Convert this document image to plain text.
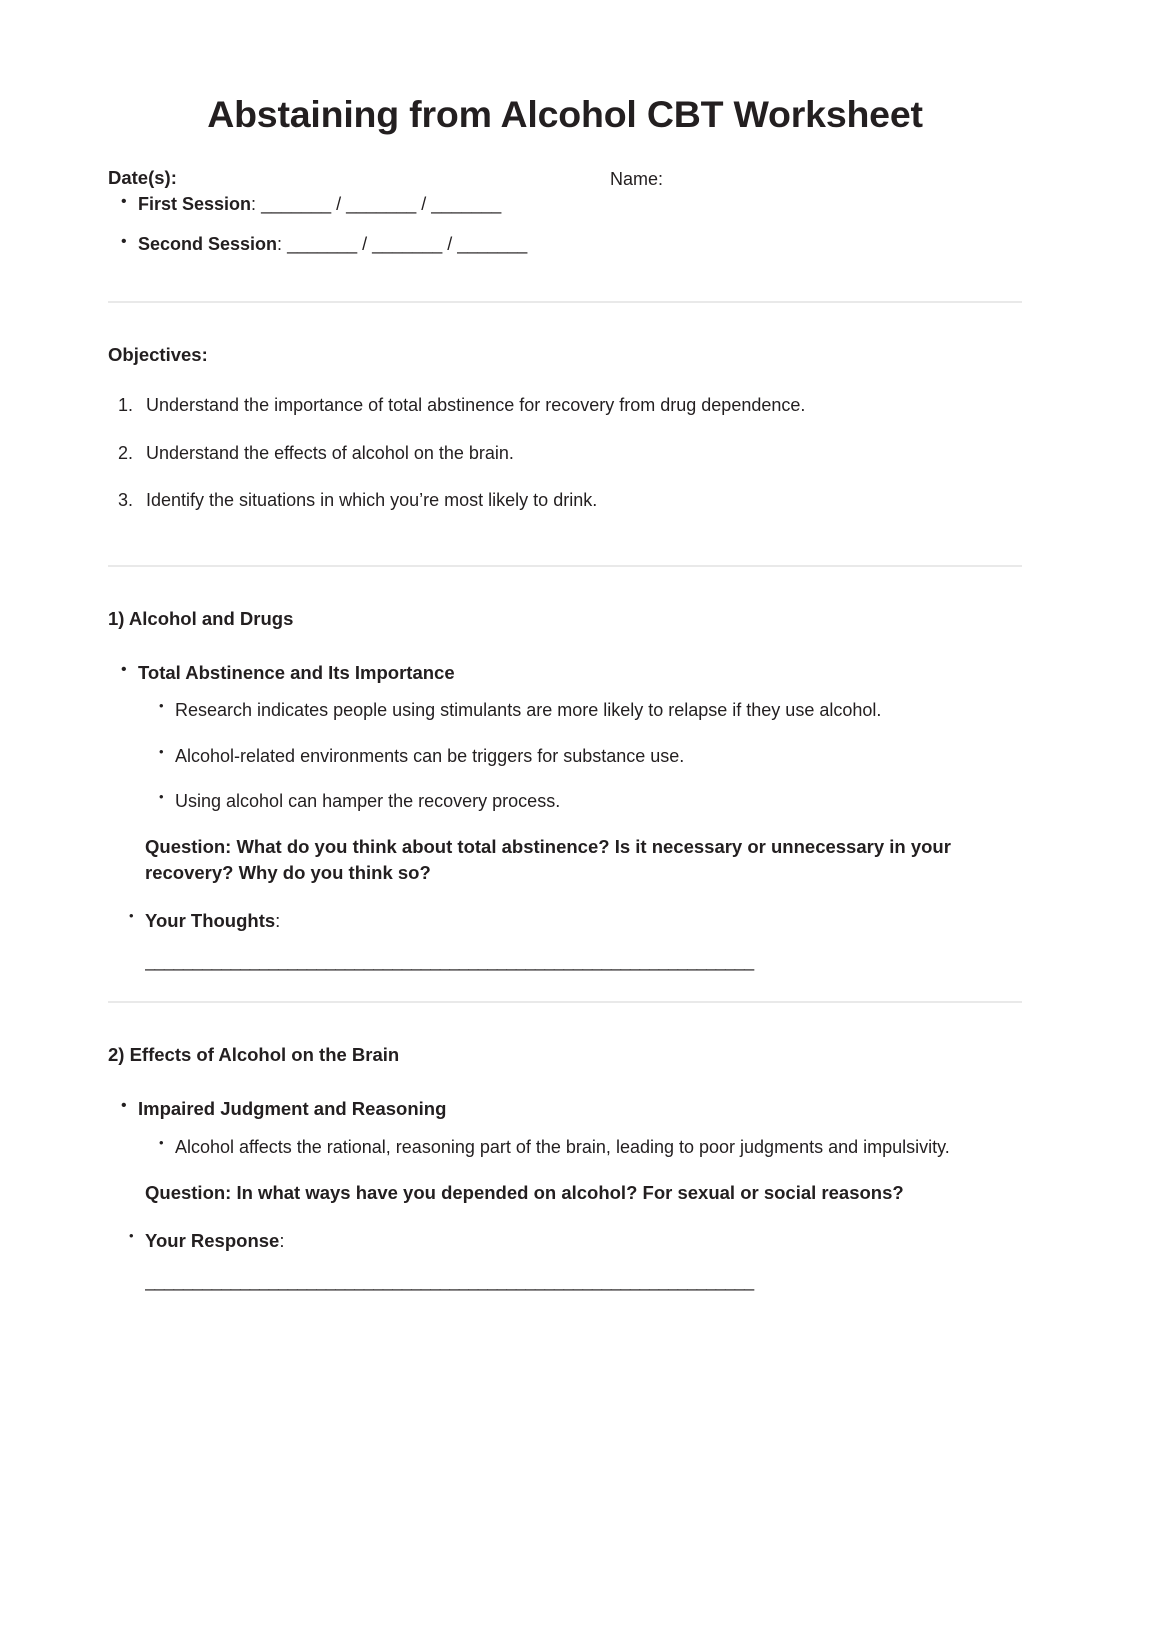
Abstaining from Alcohol CBT Worksheet
Date(s):	Name:
• First Session: _______ / _______ / _______
• Second Session: _______ / _______ / _______

Objectives:

Understand the importance of total abstinence for recovery from drug dependence.
Understand the effects of alcohol on the brain.
Identify the situations in which you’re most likely to drink.

1) Alcohol and Drugs

• Total Abstinence and Its Importance
• Research indicates people using stimulants are more likely to relapse if they use alcohol.
• Alcohol-related environments can be triggers for substance use.
• Using alcohol can hamper the recovery process.

Question: What do you think about total abstinence? Is it necessary or unnecessary in your recovery? Why do you think so?

• Your Thoughts:
________________________________________________________________

2) Effects of Alcohol on the Brain

• Impaired Judgment and Reasoning
• Alcohol affects the rational, reasoning part of the brain, leading to poor judgments and impulsivity.

Question: In what ways have you depended on alcohol? For sexual or social reasons?

• Your Response:
________________________________________________________________
